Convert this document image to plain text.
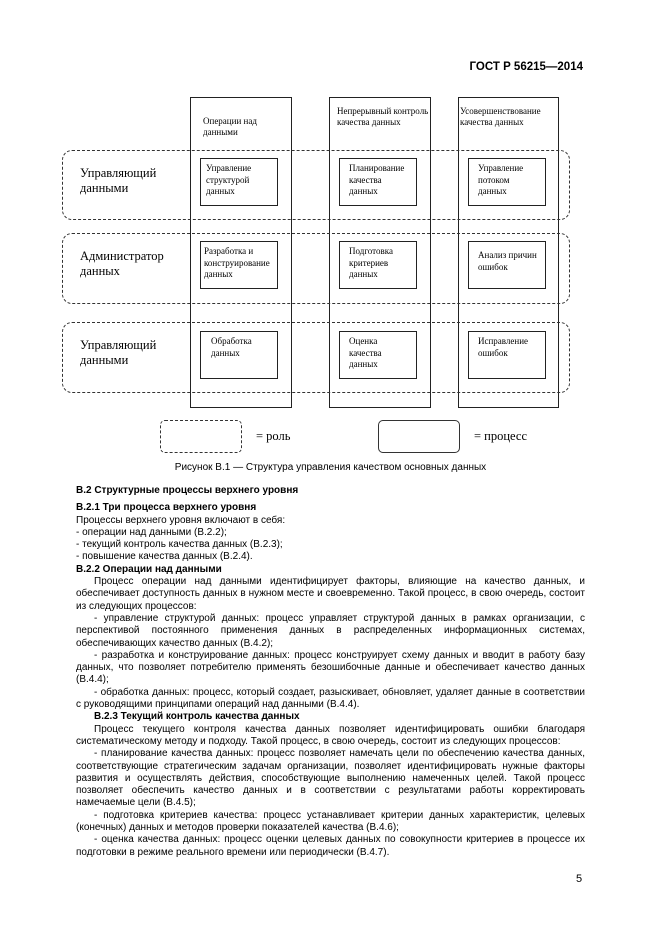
ГОСТ Р 56215—2014
Операции над данными
Непрерывный контроль качества данных
Усовершенствование качества данных
Управляющий данными
Администратор данных
Управляющий данными
Управление структурой данных
Планирование качества данных
Управление потоком данных
Разработка и конструирование данных
Подготовка критериев данных
Анализ причин ошибок
Обработка данных
Оценка качества данных
Исправление ошибок
= роль	= процесс
Рисунок В.1 — Структура управления качеством основных данных

В.2 Структурные процессы верхнего уровня

В.2.1 Три процесса верхнего уровня

Процессы верхнего уровня включают в себя:

- операции над данными (В.2.2);

- текущий контроль качества данных (В.2.3);

- повышение качества данных (В.2.4).

В.2.2 Операции над данными

Процесс операции над данными идентифицирует факторы, влияющие на качество данных, и обеспечивает доступность данных в нужном месте и своевременно. Такой процесс, в свою очередь, состоит из следующих процессов:

- управление структурой данных: процесс управляет структурой данных в рамках организации, с перспективой постоянного применения данных в распределенных информационных системах, обеспечивающих качество данных (В.4.2);

- разработка и конструирование данных: процесс конструирует схему данных и вводит в работу базу данных, что позволяет потребителю применять безошибочные данные и обеспечивает качество данных (В.4.4);

- обработка данных: процесс, который создает, разыскивает, обновляет, удаляет данные в соответствии с руководящими принципами операций над данными (В.4.4).

В.2.3 Текущий контроль качества данных

Процесс текущего контроля качества данных позволяет идентифицировать ошибки благодаря систематическому методу и подходу. Такой процесс, в свою очередь, состоит из следующих процессов:

- планирование качества данных: процесс позволяет намечать цели по обеспечению качества данных, соответствующие стратегическим задачам организации, позволяет идентифицировать нужные факторы развития и осуществлять действия, способствующие выполнению намеченных целей. Такой процесс позволяет обеспечить качество данных и в соответствии с результатами работы корректировать намечаемые цели (В.4.5);

- подготовка критериев качества: процесс устанавливает критерии данных характеристик, целевых (конечных) данных и методов проверки показателей качества (В.4.6);

- оценка качества данных: процесс оценки целевых данных по совокупности критериев в процессе их подготовки в режиме реального времени или периодически (В.4.7).

5
